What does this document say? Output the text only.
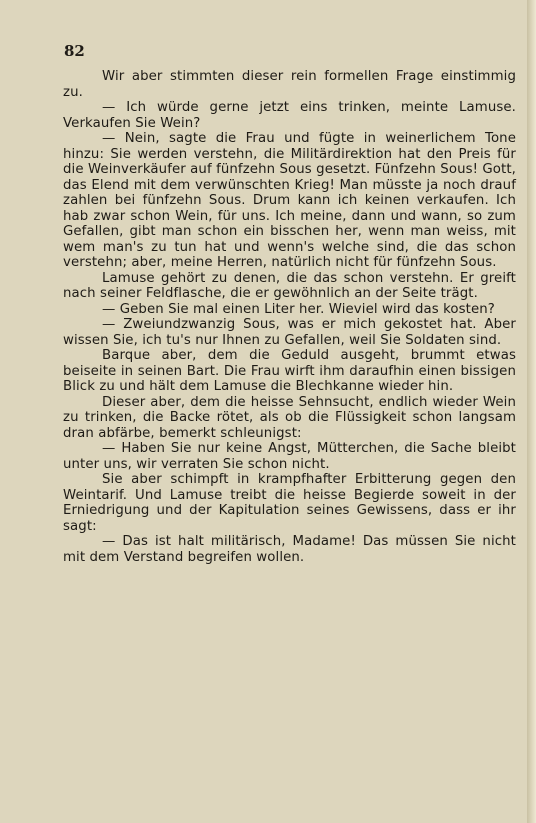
82

Wir aber stimmten dieser rein formellen Frage einstimmig zu.

— Ich würde gerne jetzt eins trinken, meinte Lamuse. Verkaufen Sie Wein?

— Nein, sagte die Frau und fügte in weinerlichem Tone hinzu: Sie werden verstehn, die Militärdirektion hat den Preis für die Weinverkäufer auf fünfzehn Sous gesetzt. Fünfzehn Sous! Gott, das Elend mit dem verwünschten Krieg! Man müsste ja noch drauf zahlen bei fünfzehn Sous. Drum kann ich keinen verkaufen. Ich hab zwar schon Wein, für uns. Ich meine, dann und wann, so zum Gefallen, gibt man schon ein bisschen her, wenn man weiss, mit wem man's zu tun hat und wenn's welche sind, die das schon verstehn; aber, meine Herren, natürlich nicht für fünfzehn Sous.

Lamuse gehört zu denen, die das schon verstehn. Er greift nach seiner Feldflasche, die er gewöhnlich an der Seite trägt.

— Geben Sie mal einen Liter her. Wieviel wird das kosten?

— Zweiundzwanzig Sous, was er mich gekostet hat. Aber wissen Sie, ich tu's nur Ihnen zu Gefallen, weil Sie Soldaten sind.

Barque aber, dem die Geduld ausgeht, brummt etwas beiseite in seinen Bart. Die Frau wirft ihm daraufhin einen bissigen Blick zu und hält dem Lamuse die Blechkanne wieder hin.

Dieser aber, dem die heisse Sehnsucht, endlich wieder Wein zu trinken, die Backe rötet, als ob die Flüssigkeit schon langsam dran abfärbe, bemerkt schleunigst:

— Haben Sie nur keine Angst, Mütterchen, die Sache bleibt unter uns, wir verraten Sie schon nicht.

Sie aber schimpft in krampfhafter Erbitterung gegen den Weintarif. Und Lamuse treibt die heisse Begierde soweit in der Erniedrigung und der Kapitulation seines Gewissens, dass er ihr sagt:

— Das ist halt militärisch, Madame! Das müssen Sie nicht mit dem Verstand begreifen wollen.
